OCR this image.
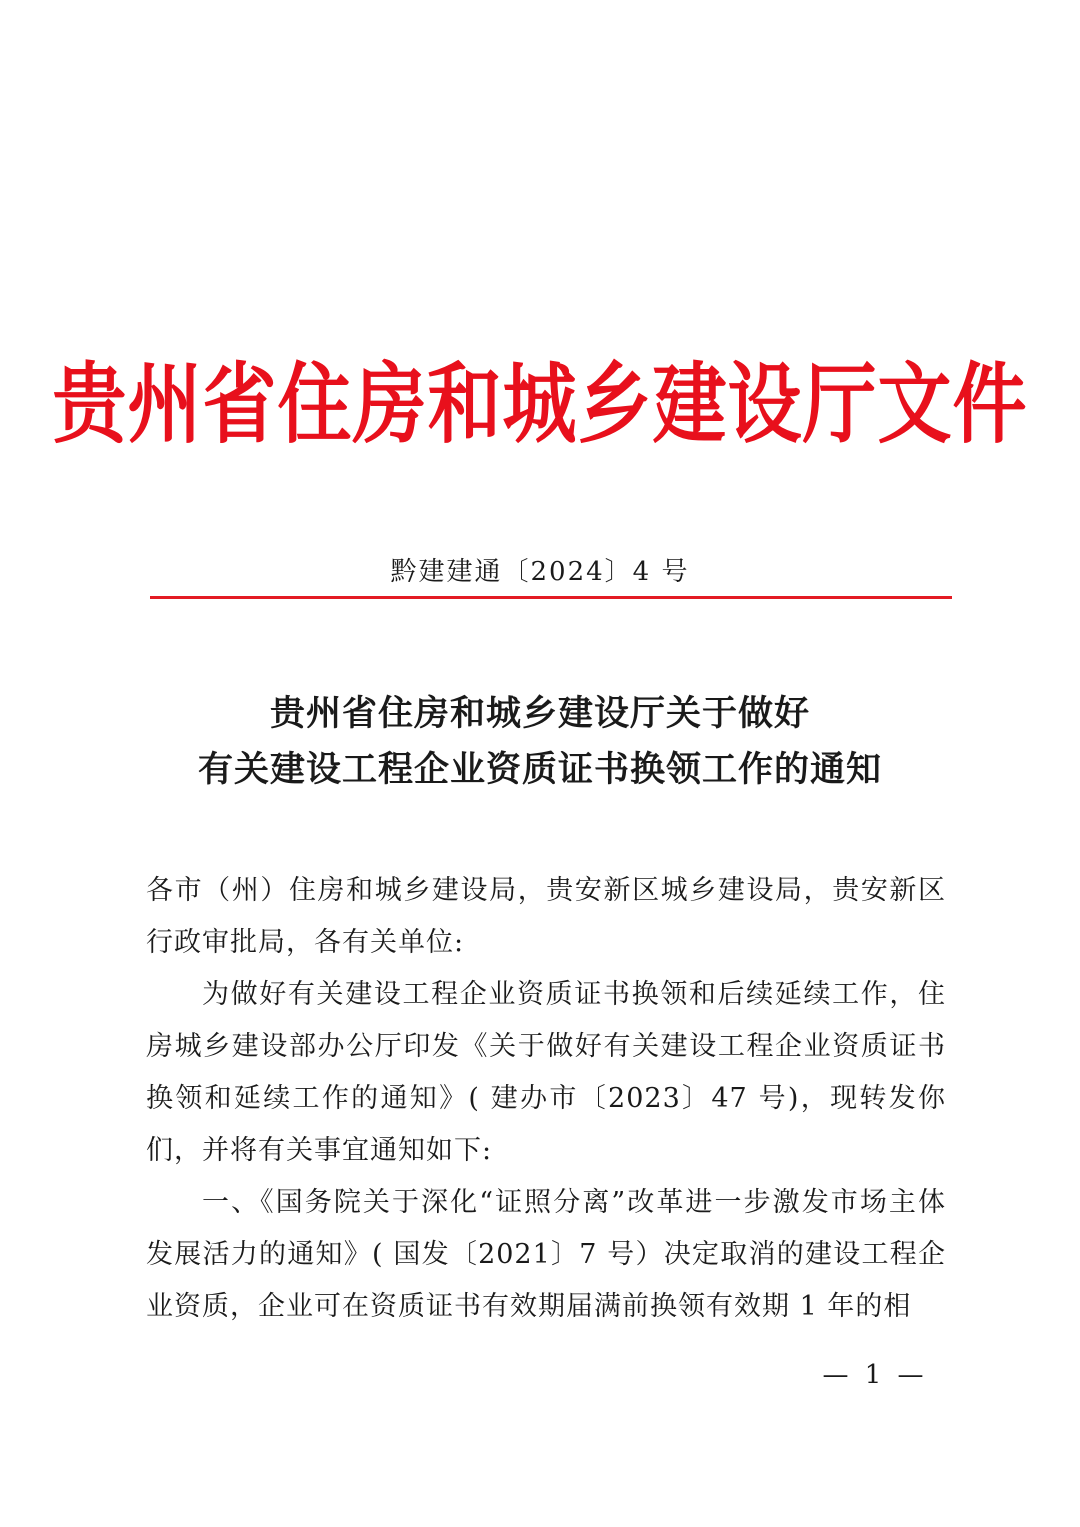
贵州省住房和城乡建设厅文件
黔建建通〔2024〕4 号
贵州省住房和城乡建设厅关于做好
有关建设工程企业资质证书换领工作的通知

各市（州）住房和城乡建设局，贵安新区城乡建设局，贵安新区行政审批局，各有关单位:

为做好有关建设工程企业资质证书换领和后续延续工作，住房城乡建设部办公厅印发《关于做好有关建设工程企业资质证书换领和延续工作的通知》( 建办市〔2023〕47 号)，现转发你们，并将有关事宜通知如下:

一、《国务院关于深化“证照分离”改革进一步激发市场主体发展活力的通知》( 国发〔2021〕7 号）决定取消的建设工程企业资质，企业可在资质证书有效期届满前换领有效期 1 年的相

— 1 —
